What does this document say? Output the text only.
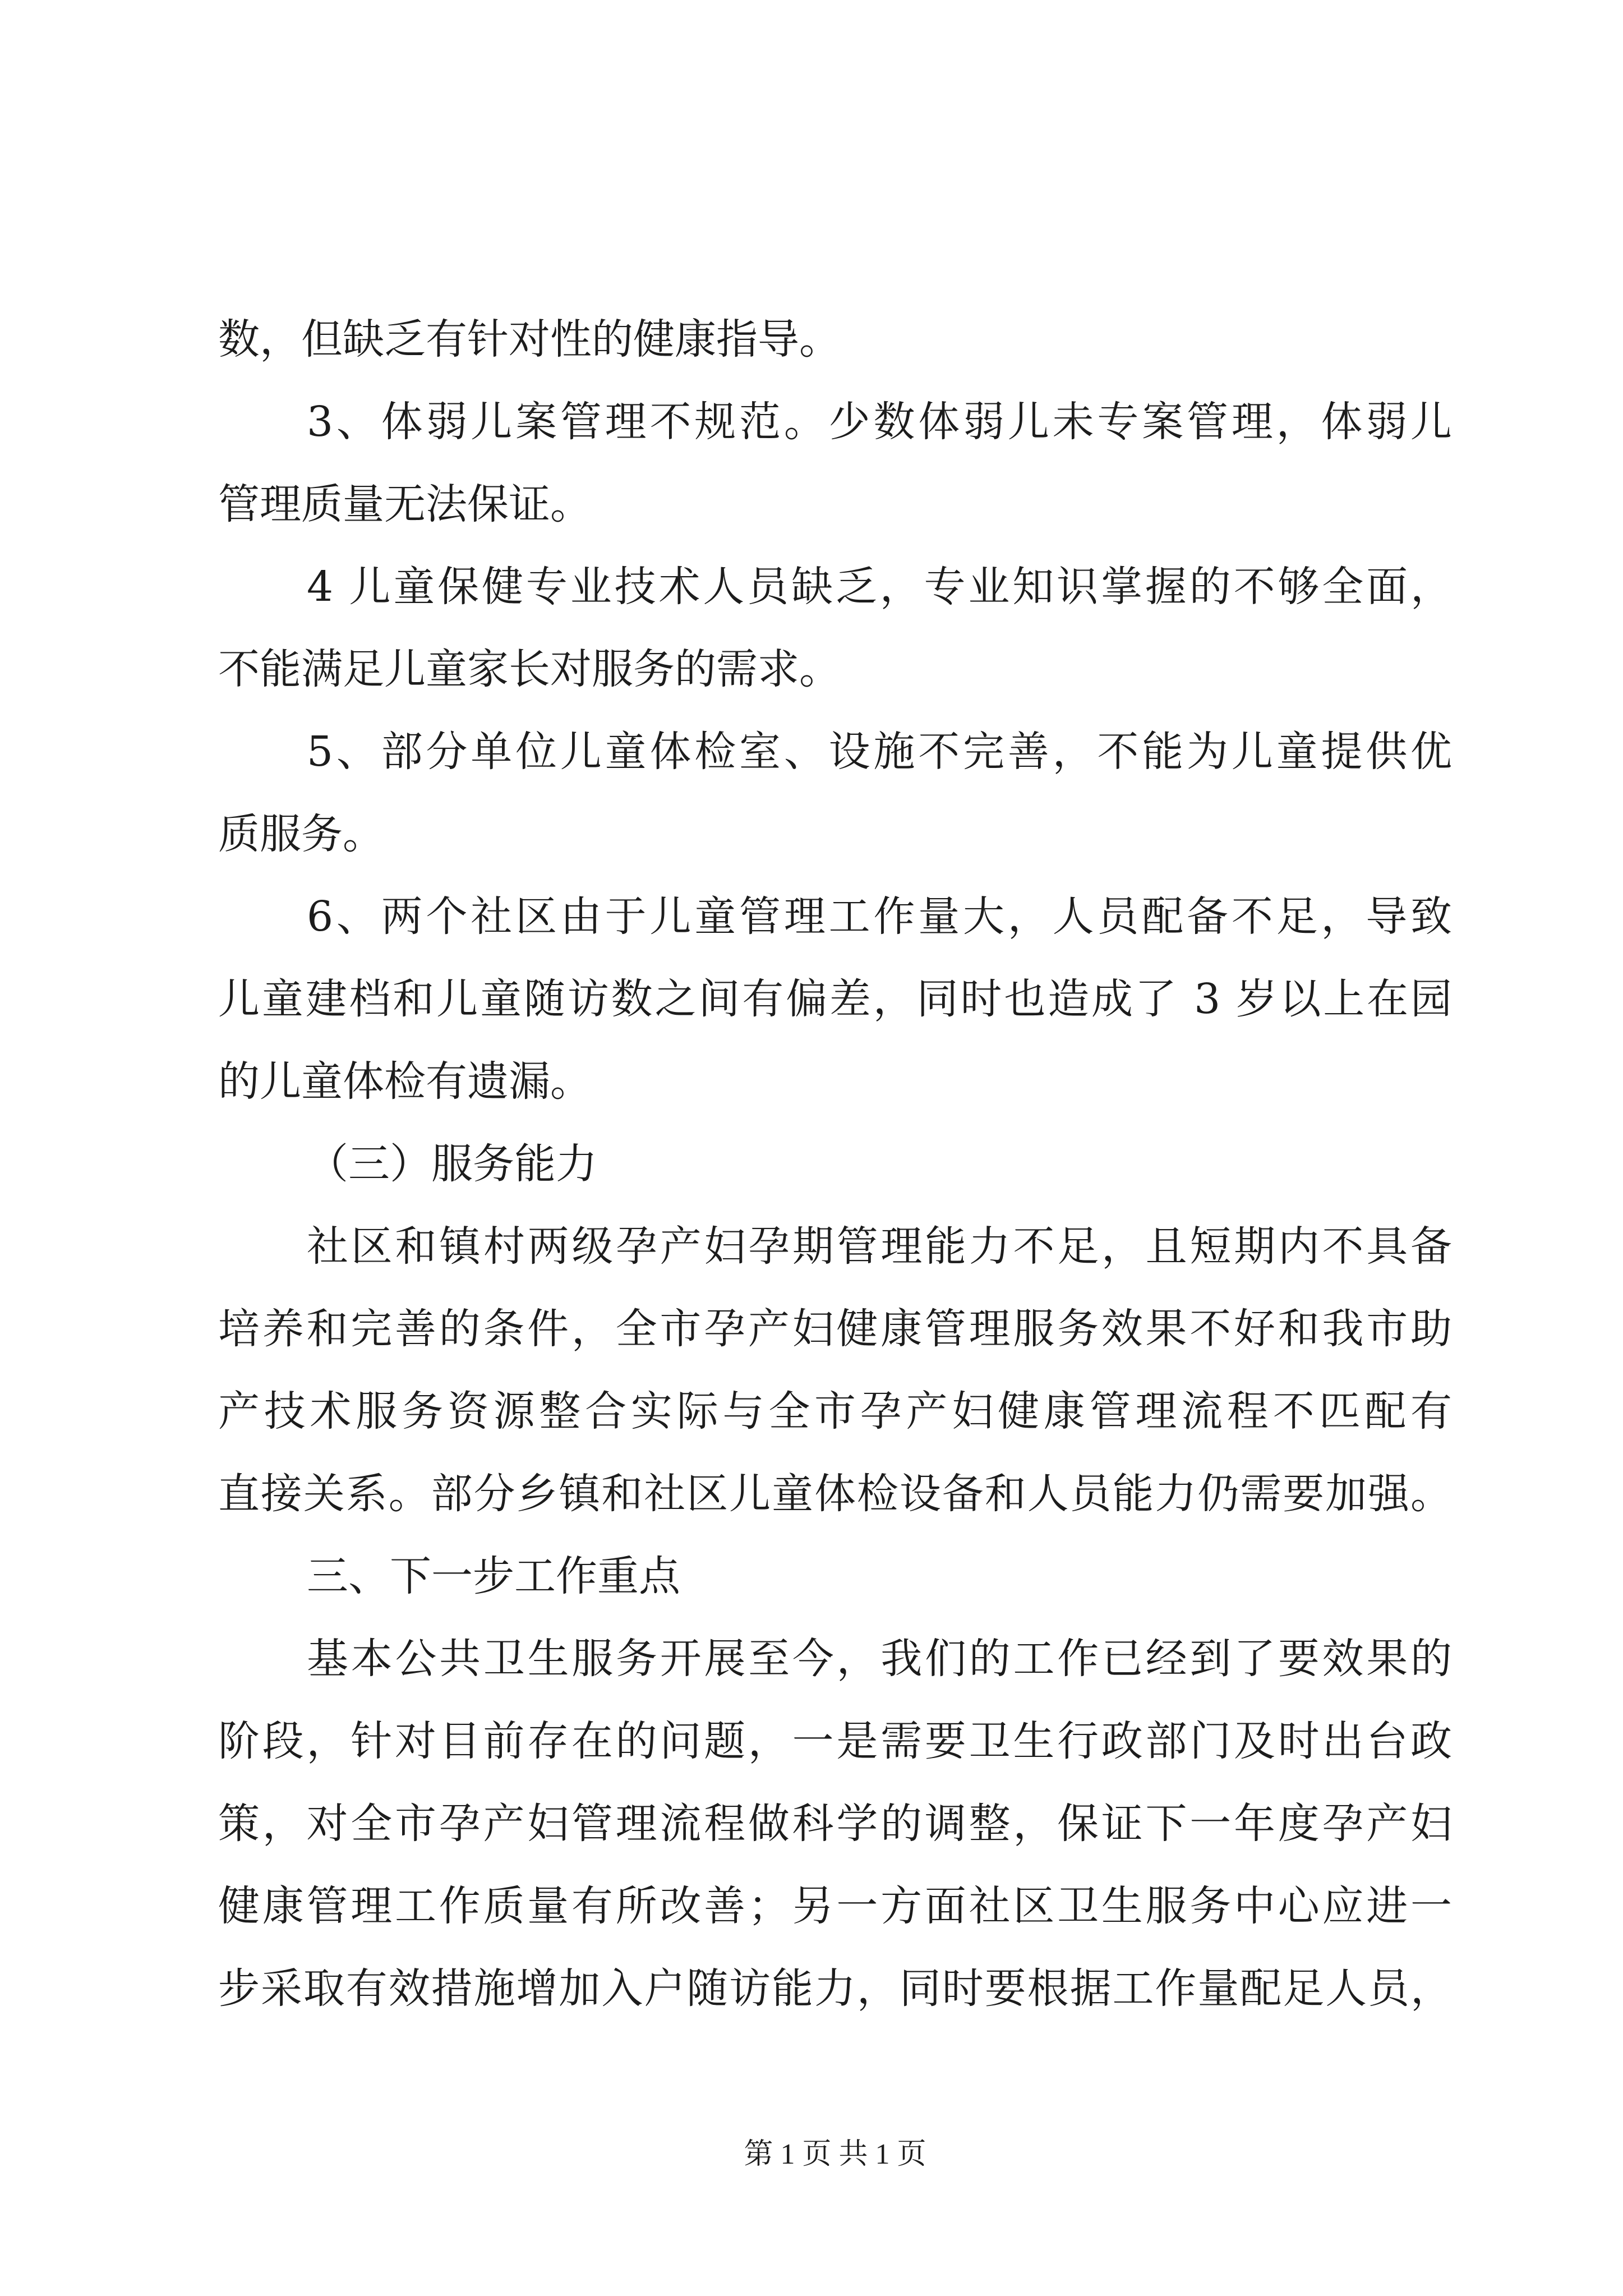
数，但缺乏有针对性的健康指导。
3、体弱儿案管理不规范。少数体弱儿未专案管理，体弱儿
管理质量无法保证。
4 儿童保健专业技术人员缺乏，专业知识掌握的不够全面，
不能满足儿童家长对服务的需求。
5、部分单位儿童体检室、设施不完善，不能为儿童提供优
质服务。
6、两个社区由于儿童管理工作量大，人员配备不足，导致
儿童建档和儿童随访数之间有偏差，同时也造成了 3 岁以上在园
的儿童体检有遗漏。
（三）服务能力
社区和镇村两级孕产妇孕期管理能力不足，且短期内不具备
培养和完善的条件，全市孕产妇健康管理服务效果不好和我市助
产技术服务资源整合实际与全市孕产妇健康管理流程不匹配有
直接关系。部分乡镇和社区儿童体检设备和人员能力仍需要加强。
三、下一步工作重点
基本公共卫生服务开展至今，我们的工作已经到了要效果的
阶段，针对目前存在的问题，一是需要卫生行政部门及时出台政
策，对全市孕产妇管理流程做科学的调整，保证下一年度孕产妇
健康管理工作质量有所改善；另一方面社区卫生服务中心应进一
步采取有效措施增加入户随访能力，同时要根据工作量配足人员，
第 1 页 共 1 页
